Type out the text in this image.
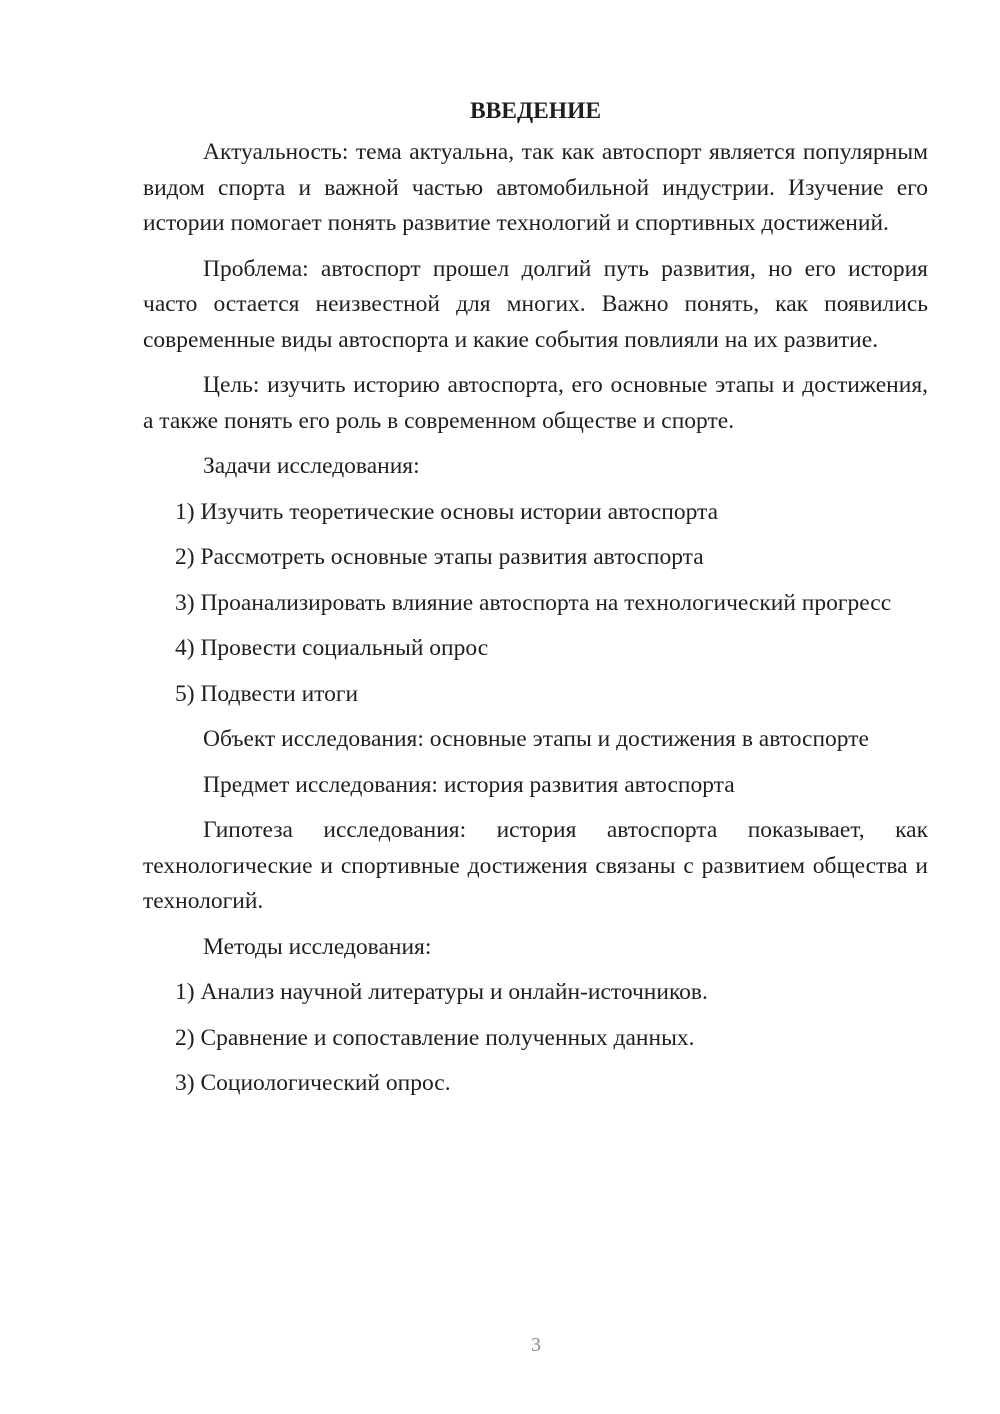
ВВЕДЕНИЕ

Актуальность: тема актуальна, так как автоспорт является популярным видом спорта и важной частью автомобильной индустрии. Изучение его истории помогает понять развитие технологий и спортивных достижений.

Проблема: автоспорт прошел долгий путь развития, но его история часто остается неизвестной для многих. Важно понять, как появились современные виды автоспорта и какие события повлияли на их развитие.

Цель: изучить историю автоспорта, его основные этапы и достижения, а также понять его роль в современном обществе и спорте.

Задачи исследования:

1) Изучить теоретические основы истории автоспорта

2) Рассмотреть основные этапы развития автоспорта

3) Проанализировать влияние автоспорта на технологический прогресс

4) Провести социальный опрос

5) Подвести итоги

Объект исследования: основные этапы и достижения в автоспорте

Предмет исследования: история развития автоспорта

Гипотеза исследования: история автоспорта показывает, как технологические и спортивные достижения связаны с развитием общества и технологий.

Методы исследования:

1) Анализ научной литературы и онлайн-источников.

2) Сравнение и сопоставление полученных данных.

3) Социологический опрос.

3
